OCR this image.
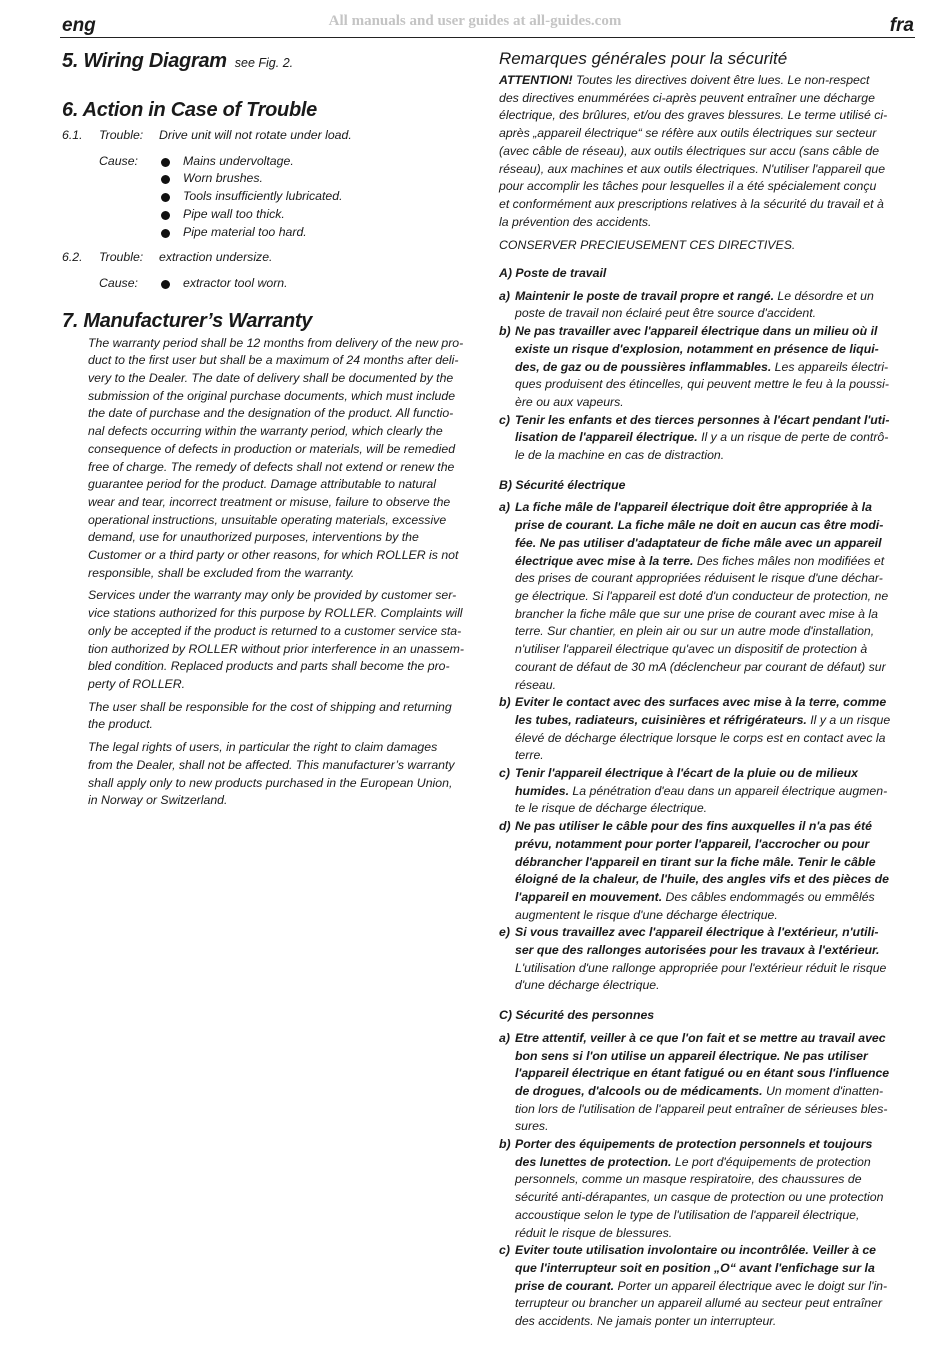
All manuals and user guides at all-guides.com
eng	fra
5. Wiring Diagram see Fig. 2.
6. Action in Case of Trouble
6.1.	Trouble:	Drive unit will not rotate under load.
Cause:	Mains undervoltage.
Worn brushes.
Tools insufficiently lubricated.
Pipe wall too thick.
Pipe material too hard.
6.2.	Trouble:	extraction undersize.
Cause:	extractor tool worn.
7. Manufacturer’s Warranty
The warranty period shall be 12 months from delivery of the new pro-
duct to the first user but shall be a maximum of 24 months after deli-
very to the Dealer. The date of delivery shall be documented by the
submission of the original purchase documents, which must include
the date of purchase and the designation of the product. All functio-
nal defects occurring within the warranty period, which clearly the
consequence of defects in production or materials, will be remedied
free of charge. The remedy of defects shall not extend or renew the
guarantee period for the product. Damage attributable to natural
wear and tear, incorrect treatment or misuse, failure to observe the
operational instructions, unsuitable operating materials, excessive
demand, use for unauthorized purposes, interventions by the
Customer or a third party or other reasons, for which ROLLER is not
responsible, shall be excluded from the warranty.
Services under the warranty may only be provided by customer ser-
vice stations authorized for this purpose by ROLLER. Complaints will
only be accepted if the product is returned to a customer service sta-
tion authorized by ROLLER without prior interference in an unassem-
bled condition. Replaced products and parts shall become the pro-
perty of ROLLER.
The user shall be responsible for the cost of shipping and returning
the product.
The legal rights of users, in particular the right to claim damages
from the Dealer, shall not be affected. This manufacturer’s warranty
shall apply only to new products purchased in the European Union,
in Norway or Switzerland.
Remarques générales pour la sécurité
ATTENTION! Toutes les directives doivent être lues. Le non-respect
des directives enummérées ci-après peuvent entraîner une décharge
électrique, des brûlures, et/ou des graves blessures. Le terme utilisé ci-
après „appareil électrique“ se réfère aux outils électriques sur secteur
(avec câble de réseau), aux outils électriques sur accu (sans câble de
réseau), aux machines et aux outils électriques. N'utiliser l'appareil que
pour accomplir les tâches pour lesquelles il a été spécialement conçu
et conformément aux prescriptions relatives à la sécurité du travail et à
la prévention des accidents.
CONSERVER PRECIEUSEMENT CES DIRECTIVES.
A) Poste de travail
a) Maintenir le poste de travail propre et rangé. Le désordre et un
poste de travail non éclairé peut être source d'accident.
b) Ne pas travailler avec l'appareil électrique dans un milieu où il
existe un risque d'explosion, notamment en présence de liqui-
des, de gaz ou de poussières inflammables. Les appareils électri-
ques produisent des étincelles, qui peuvent mettre le feu à la poussi-
ère ou aux vapeurs.
c) Tenir les enfants et des tierces personnes à l'écart pendant l'uti-
lisation de l'appareil électrique. Il y a un risque de perte de contrô-
le de la machine en cas de distraction.
B) Sécurité électrique
a) La fiche mâle de l'appareil électrique doit être appropriée à la
prise de courant. La fiche mâle ne doit en aucun cas être modi-
fée. Ne pas utiliser d'adaptateur de fiche mâle avec un appareil
électrique avec mise à la terre. Des fiches mâles non modifiées et
des prises de courant appropriées réduisent le risque d'une déchar-
ge électrique. Si l'appareil est doté d'un conducteur de protection, ne
brancher la fiche mâle que sur une prise de courant avec mise à la
terre. Sur chantier, en plein air ou sur un autre mode d'installation,
n'utiliser l'appareil électrique qu'avec un dispositif de protection à
courant de défaut de 30 mA (déclencheur par courant de défaut) sur
réseau.
b) Eviter le contact avec des surfaces avec mise à la terre, comme
les tubes, radiateurs, cuisinières et réfrigérateurs. Il y a un risque
élevé de décharge électrique lorsque le corps est en contact avec la
terre.
c) Tenir l'appareil électrique à l'écart de la pluie ou de milieux
humides. La pénétration d'eau dans un appareil électrique augmen-
te le risque de décharge électrique.
d) Ne pas utiliser le câble pour des fins auxquelles il n'a pas été
prévu, notamment pour porter l'appareil, l'accrocher ou pour
débrancher l'appareil en tirant sur la fiche mâle. Tenir le câble
éloigné de la chaleur, de l'huile, des angles vifs et des pièces de
l'appareil en mouvement. Des câbles endommagés ou emmêlés
augmentent le risque d'une décharge électrique.
e) Si vous travaillez avec l'appareil électrique à l'extérieur, n'utili-
ser que des rallonges autorisées pour les travaux à l'extérieur.
L'utilisation d'une rallonge appropriée pour l'extérieur réduit le risque
d'une décharge électrique.
C) Sécurité des personnes
a) Etre attentif, veiller à ce que l'on fait et se mettre au travail avec
bon sens si l'on utilise un appareil électrique. Ne pas utiliser
l'appareil électrique en étant fatigué ou en étant sous l'influence
de drogues, d'alcools ou de médicaments. Un moment d'inatten-
tion lors de l'utilisation de l'appareil peut entraîner de sérieuses bles-
sures.
b) Porter des équipements de protection personnels et toujours
des lunettes de protection. Le port d'équipements de protection
personnels, comme un masque respiratoire, des chaussures de
sécurité anti-dérapantes, un casque de protection ou une protection
accoustique selon le type de l'utilisation de l'appareil électrique,
réduit le risque de blessures.
c) Eviter toute utilisation involontaire ou incontrôlée. Veiller à ce
que l'interrupteur soit en position „O“ avant l'enfichage sur la
prise de courant. Porter un appareil électrique avec le doigt sur l'in-
terrupteur ou brancher un appareil allumé au secteur peut entraîner
des accidents. Ne jamais ponter un interrupteur.
